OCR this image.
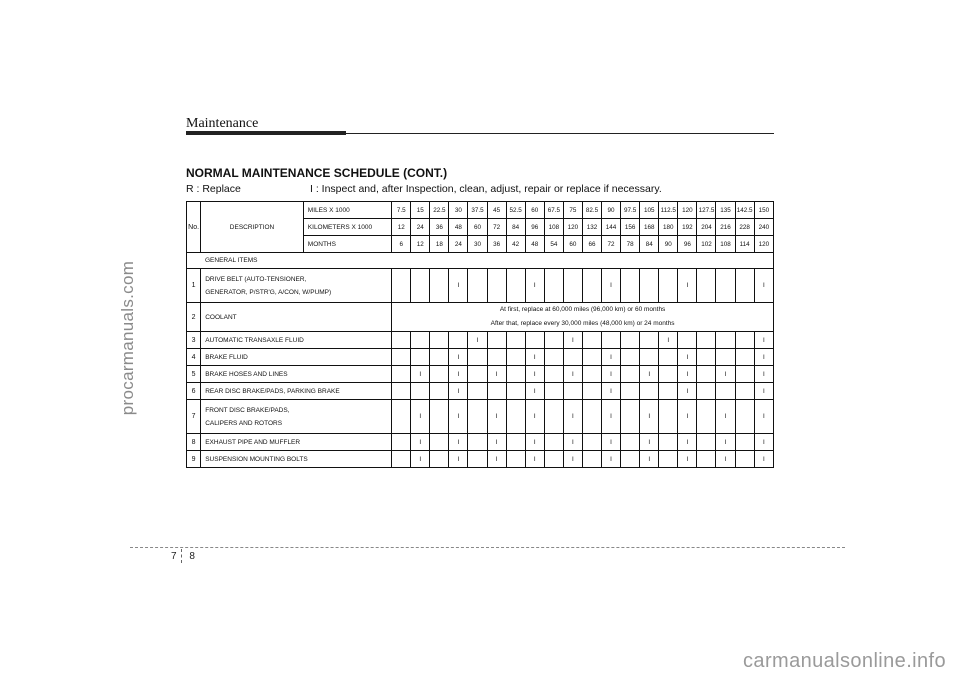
procarmanuals.com
carmanualsonline.info
Maintenance
NORMAL MAINTENANCE SCHEDULE (CONT.)
R : Replace	I : Inspect and, after Inspection, clean, adjust, repair or replace if necessary.
No.	DESCRIPTION	MILES X 1000	7.5	15	22.5	30	37.5	45	52.5	60	67.5	75	82.5	90	97.5	105	112.5	120	127.5	135	142.5	150
		KILOMETERS X 1000	12	24	36	48	60	72	84	96	108	120	132	144	156	168	180	192	204	216	228	240
		MONTHS	6	12	18	24	30	36	42	48	54	60	66	72	78	84	90	96	102	108	114	120
GENERAL ITEMS																						
1	DRIVE BELT (AUTO-TENSIONER,
GENERATOR, P/STR'G, A/CON, W/PUMP)					I				I				I				I				I
2	COOLANT		At first, replace at 60,000 miles (96,000 km) or 60 months
After that, replace every 30,000 miles (48,000 km) or 24 months																			

3	AUTOMATIC TRANSAXLE FLUID						I					I					I					I
4	BRAKE FLUID					I				I				I				I				I
5	BRAKE HOSES AND LINES			I		I		I		I		I		I		I		I		I		I
6	REAR DISC BRAKE/PADS, PARKING BRAKE					I				I				I				I				I
7	FRONT DISC BRAKE/PADS,
CALIPERS AND ROTORS			I		I		I		I		I		I		I		I		I		I
8	EXHAUST PIPE AND MUFFLER			I		I		I		I		I		I		I		I		I		I
9	SUSPENSION MOUNTING BOLTS			I		I		I		I		I		I		I		I		I		I
7 8
